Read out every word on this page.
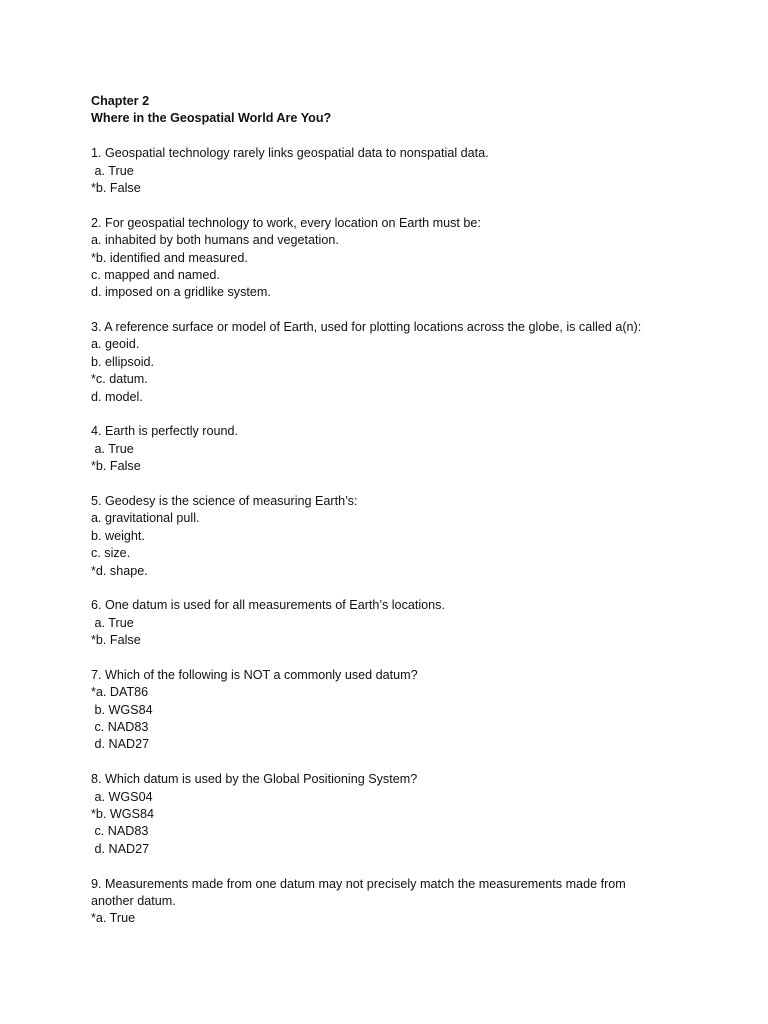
Chapter 2
Where in the Geospatial World Are You?
1. Geospatial technology rarely links geospatial data to nonspatial data.
a. True
*b. False
2. For geospatial technology to work, every location on Earth must be:
a. inhabited by both humans and vegetation.
*b. identified and measured.
c. mapped and named.
d. imposed on a gridlike system.
3. A reference surface or model of Earth, used for plotting locations across the globe, is called a(n):
a. geoid.
b. ellipsoid.
*c. datum.
d. model.
4. Earth is perfectly round.
a. True
*b. False
5. Geodesy is the science of measuring Earth’s:
a. gravitational pull.
b. weight.
c. size.
*d. shape.
6. One datum is used for all measurements of Earth’s locations.
a. True
*b. False
7. Which of the following is NOT a commonly used datum?
*a. DAT86
b. WGS84
c. NAD83
d. NAD27
8. Which datum is used by the Global Positioning System?
a. WGS04
*b. WGS84
c. NAD83
d. NAD27
9. Measurements made from one datum may not precisely match the measurements made from another datum.
*a. True
